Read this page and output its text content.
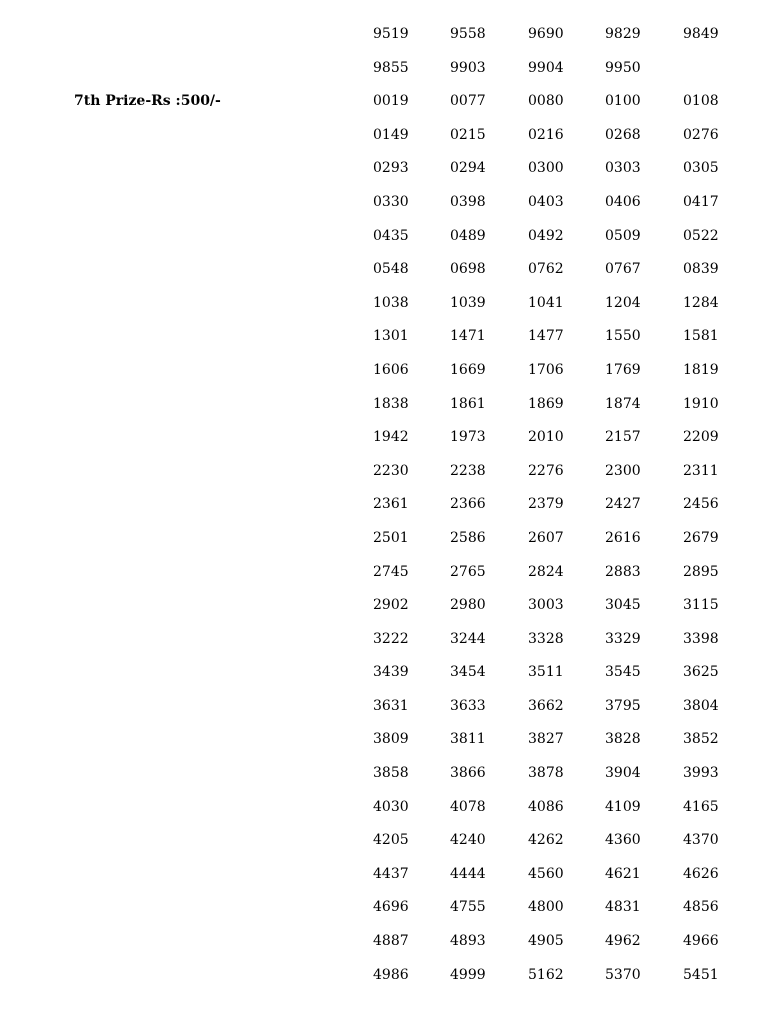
9519	9558	9690	9829	9849
9855	9903	9904	9950
7th Prize-Rs :500/-	0019	0077	0080	0100	0108
0149	0215	0216	0268	0276
0293	0294	0300	0303	0305
0330	0398	0403	0406	0417
0435	0489	0492	0509	0522
0548	0698	0762	0767	0839
1038	1039	1041	1204	1284
1301	1471	1477	1550	1581
1606	1669	1706	1769	1819
1838	1861	1869	1874	1910
1942	1973	2010	2157	2209
2230	2238	2276	2300	2311
2361	2366	2379	2427	2456
2501	2586	2607	2616	2679
2745	2765	2824	2883	2895
2902	2980	3003	3045	3115
3222	3244	3328	3329	3398
3439	3454	3511	3545	3625
3631	3633	3662	3795	3804
3809	3811	3827	3828	3852
3858	3866	3878	3904	3993
4030	4078	4086	4109	4165
4205	4240	4262	4360	4370
4437	4444	4560	4621	4626
4696	4755	4800	4831	4856
4887	4893	4905	4962	4966
4986	4999	5162	5370	5451
